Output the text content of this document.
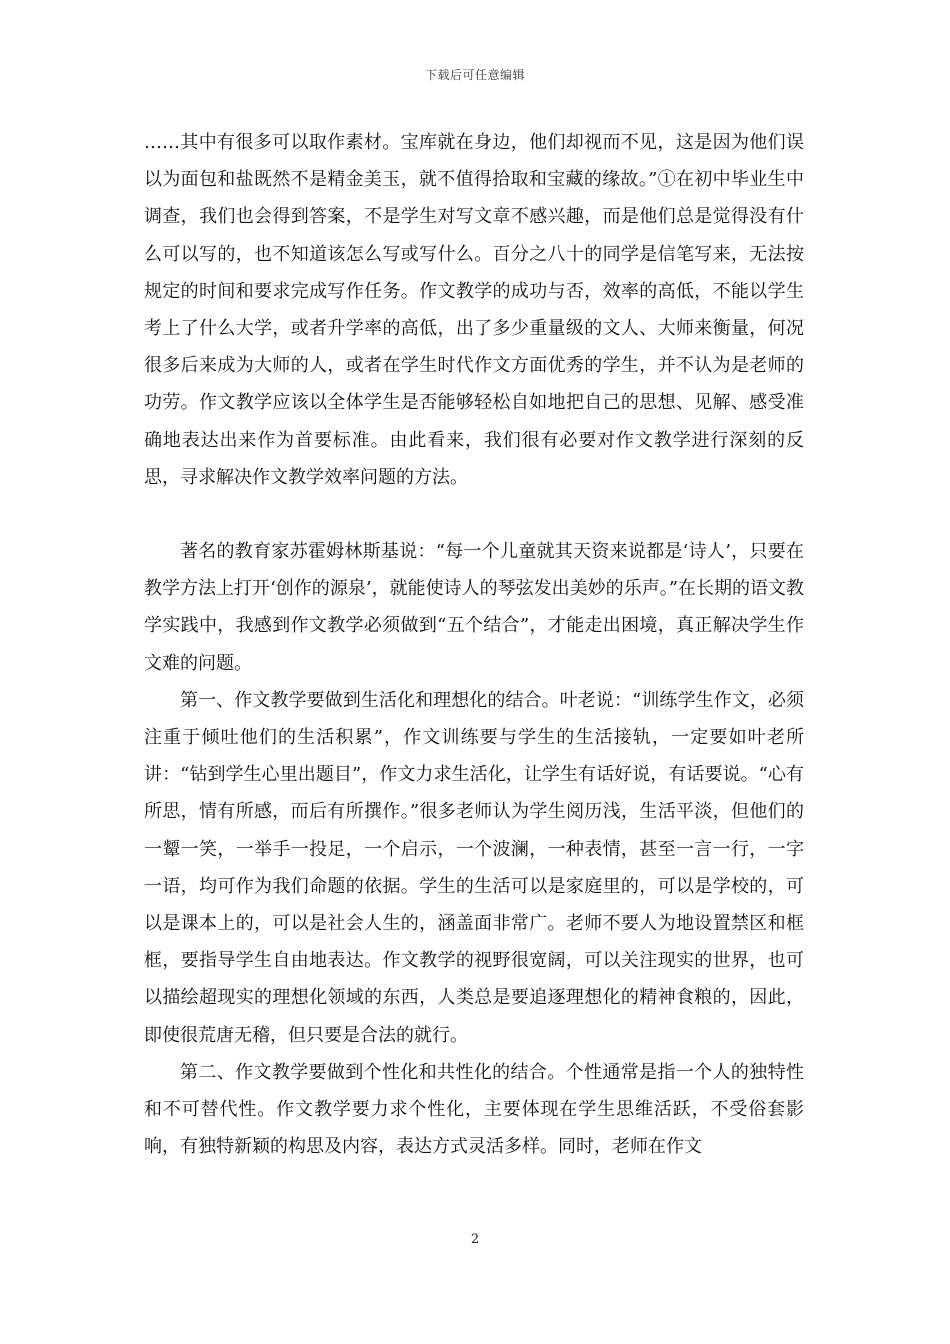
下载后可任意编辑

……其中有很多可以取作素材。宝库就在身边，他们却视而不见，这是因为他们误以为面包和盐既然不是精金美玉，就不值得拾取和宝藏的缘故。”①在初中毕业生中调查，我们也会得到答案，不是学生对写文章不感兴趣，而是他们总是觉得没有什么可以写的，也不知道该怎么写或写什么。百分之八十的同学是信笔写来，无法按规定的时间和要求完成写作任务。作文教学的成功与否，效率的高低，不能以学生考上了什么大学，或者升学率的高低，出了多少重量级的文人、大师来衡量，何况很多后来成为大师的人，或者在学生时代作文方面优秀的学生，并不认为是老师的功劳。作文教学应该以全体学生是否能够轻松自如地把自己的思想、见解、感受准确地表达出来作为首要标准。由此看来，我们很有必要对作文教学进行深刻的反思，寻求解决作文教学效率问题的方法。

著名的教育家苏霍姆林斯基说：“每一个儿童就其天资来说都是‘诗人’，只要在教学方法上打开‘创作的源泉’，就能使诗人的琴弦发出美妙的乐声。”在长期的语文教学实践中，我感到作文教学必须做到“五个结合”，才能走出困境，真正解决学生作文难的问题。

第一、作文教学要做到生活化和理想化的结合。叶老说：“训练学生作文，必须注重于倾吐他们的生活积累”，作文训练要与学生的生活接轨，一定要如叶老所讲：“钻到学生心里出题目”，作文力求生活化，让学生有话好说，有话要说。“心有所思，情有所感，而后有所撰作。”很多老师认为学生阅历浅，生活平淡，但他们的一颦一笑，一举手一投足，一个启示，一个波澜，一种表情，甚至一言一行，一字一语，均可作为我们命题的依据。学生的生活可以是家庭里的，可以是学校的，可以是课本上的，可以是社会人生的，涵盖面非常广。老师不要人为地设置禁区和框框，要指导学生自由地表达。作文教学的视野很宽阔，可以关注现实的世界，也可以描绘超现实的理想化领域的东西，人类总是要追逐理想化的精神食粮的，因此，即使很荒唐无稽，但只要是合法的就行。

第二、作文教学要做到个性化和共性化的结合。个性通常是指一个人的独特性和不可替代性。作文教学要力求个性化，主要体现在学生思维活跃，不受俗套影响，有独特新颖的构思及内容，表达方式灵活多样。同时，老师在作文

2
